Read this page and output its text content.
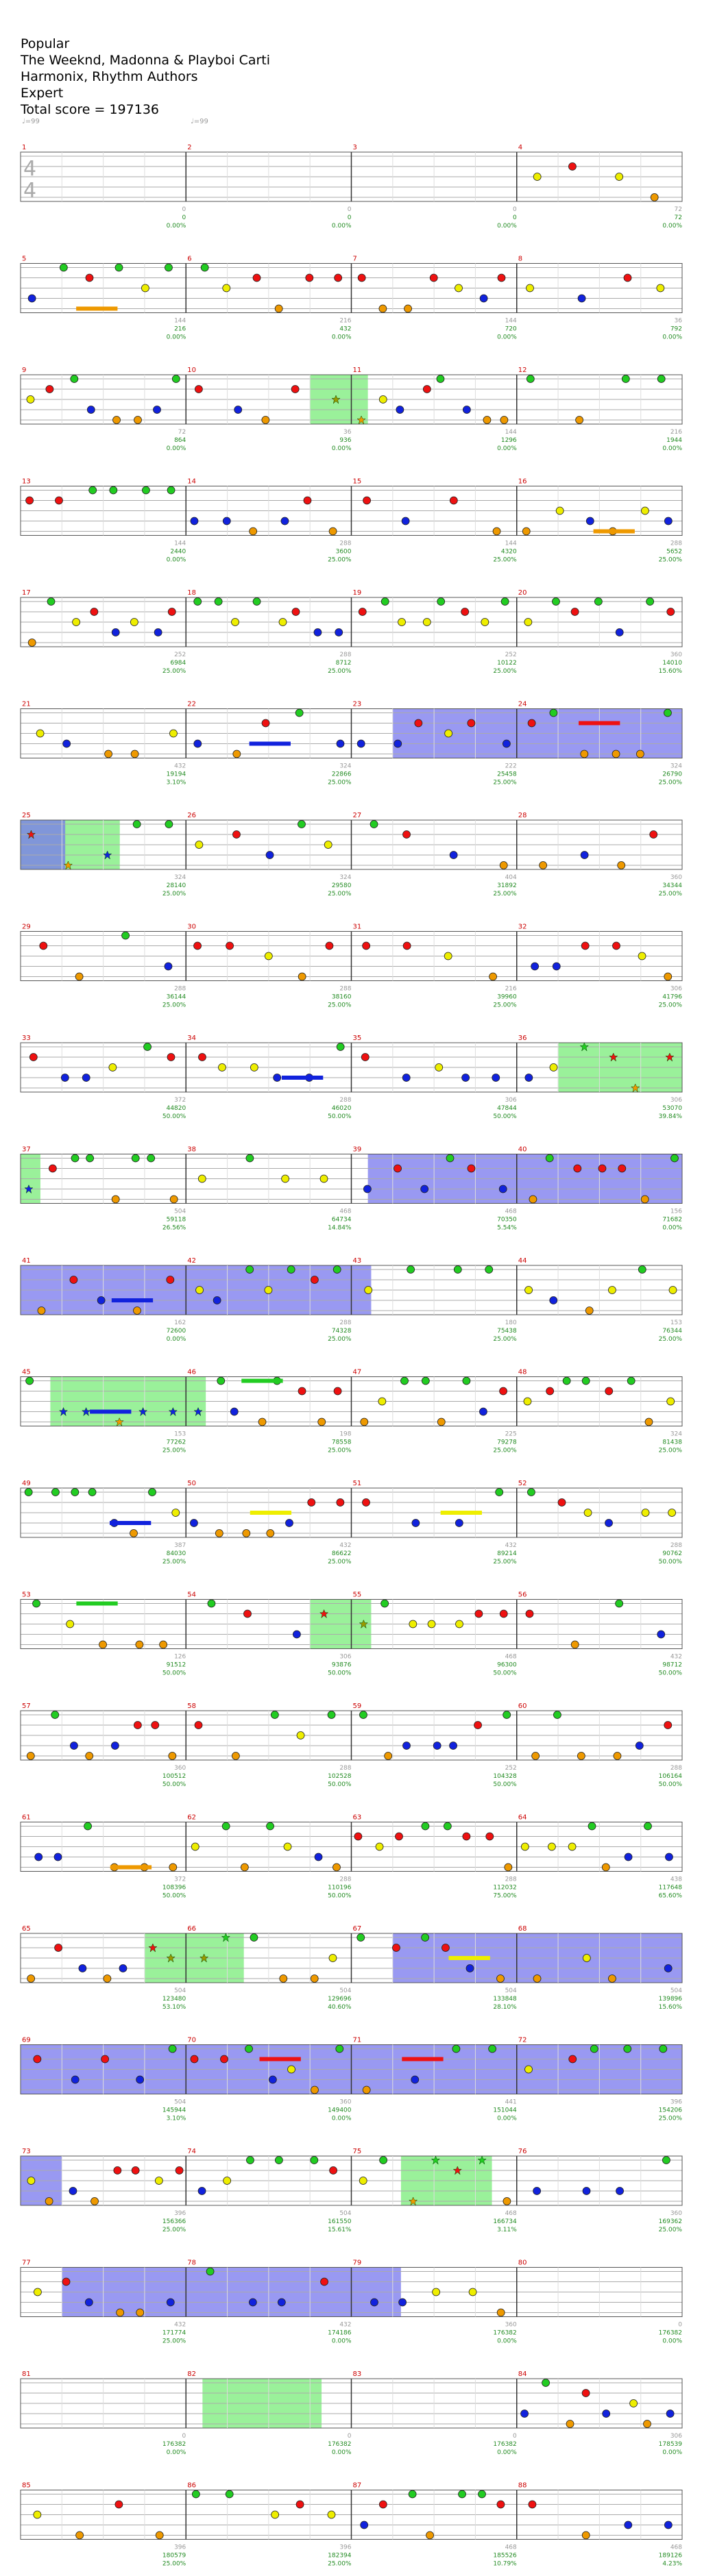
Popular
The Weeknd, Madonna & Playboi Carti
Harmonix, Rhythm Authors
Expert
Total score = 197136
♩=99	♩=99
1
0
0
0.00%
2
0
0
0.00%
3
0
0
0.00%
4
72
72
0.00%
5
144
216
0.00%
6
216
432
0.00%
7
144
720
0.00%
8
36
792
0.00%
9
72
864
0.00%
10
36
936
0.00%
11
144
1296
0.00%
12
216
1944
0.00%
13
144
2440
0.00%
14
288
3600
25.00%
15
144
4320
25.00%
16
288
5652
25.00%
17
252
6984
25.00%
18
288
8712
25.00%
19
252
10122
25.00%
20
360
14010
15.60%
21
432
19194
3.10%
22
324
22866
25.00%
23
222
25458
25.00%
24
324
26790
25.00%
25
324
28140
25.00%
26
324
29580
25.00%
27
404
31892
25.00%
28
360
34344
25.00%
29
288
36144
25.00%
30
288
38160
25.00%
31
216
39960
25.00%
32
306
41796
25.00%
33
372
44820
50.00%
34
288
46020
50.00%
35
306
47844
50.00%
36
306
53070
39.84%
37
504
59118
26.56%
38
468
64734
14.84%
39
468
70350
5.54%
40
156
71682
0.00%
41
162
72600
0.00%
42
288
74328
25.00%
43
180
75438
25.00%
44
153
76344
25.00%
45
153
77262
25.00%
46
198
78558
25.00%
47
225
79278
25.00%
48
324
81438
25.00%
49
387
84030
25.00%
50
432
86622
25.00%
51
432
89214
25.00%
52
288
90762
50.00%
53
126
91512
50.00%
54
306
93876
50.00%
55
468
96300
50.00%
56
432
98712
50.00%
57
360
100512
50.00%
58
288
102528
50.00%
59
252
104328
50.00%
60
288
106164
50.00%
61
372
108396
50.00%
62
288
110196
50.00%
63
288
112032
75.00%
64
438
117648
65.60%
65
504
123480
53.10%
66
504
129696
40.60%
67
504
133848
28.10%
68
504
139896
15.60%
69
504
145944
3.10%
70
360
149400
0.00%
71
441
151044
0.00%
72
396
154206
25.00%
73
396
156366
25.00%
74
504
161550
15.61%
75
468
166734
3.11%
76
360
169362
25.00%
77
432
171774
25.00%
78
432
174186
0.00%
79
360
176382
0.00%
80
0
176382
0.00%
81
0
176382
0.00%
82
0
176382
0.00%
83
0
176382
0.00%
84
306
178539
0.00%
85
396
180579
25.00%
86
396
182394
25.00%
87
468
185526
10.79%
88
468
189126
4.23%
4
4
